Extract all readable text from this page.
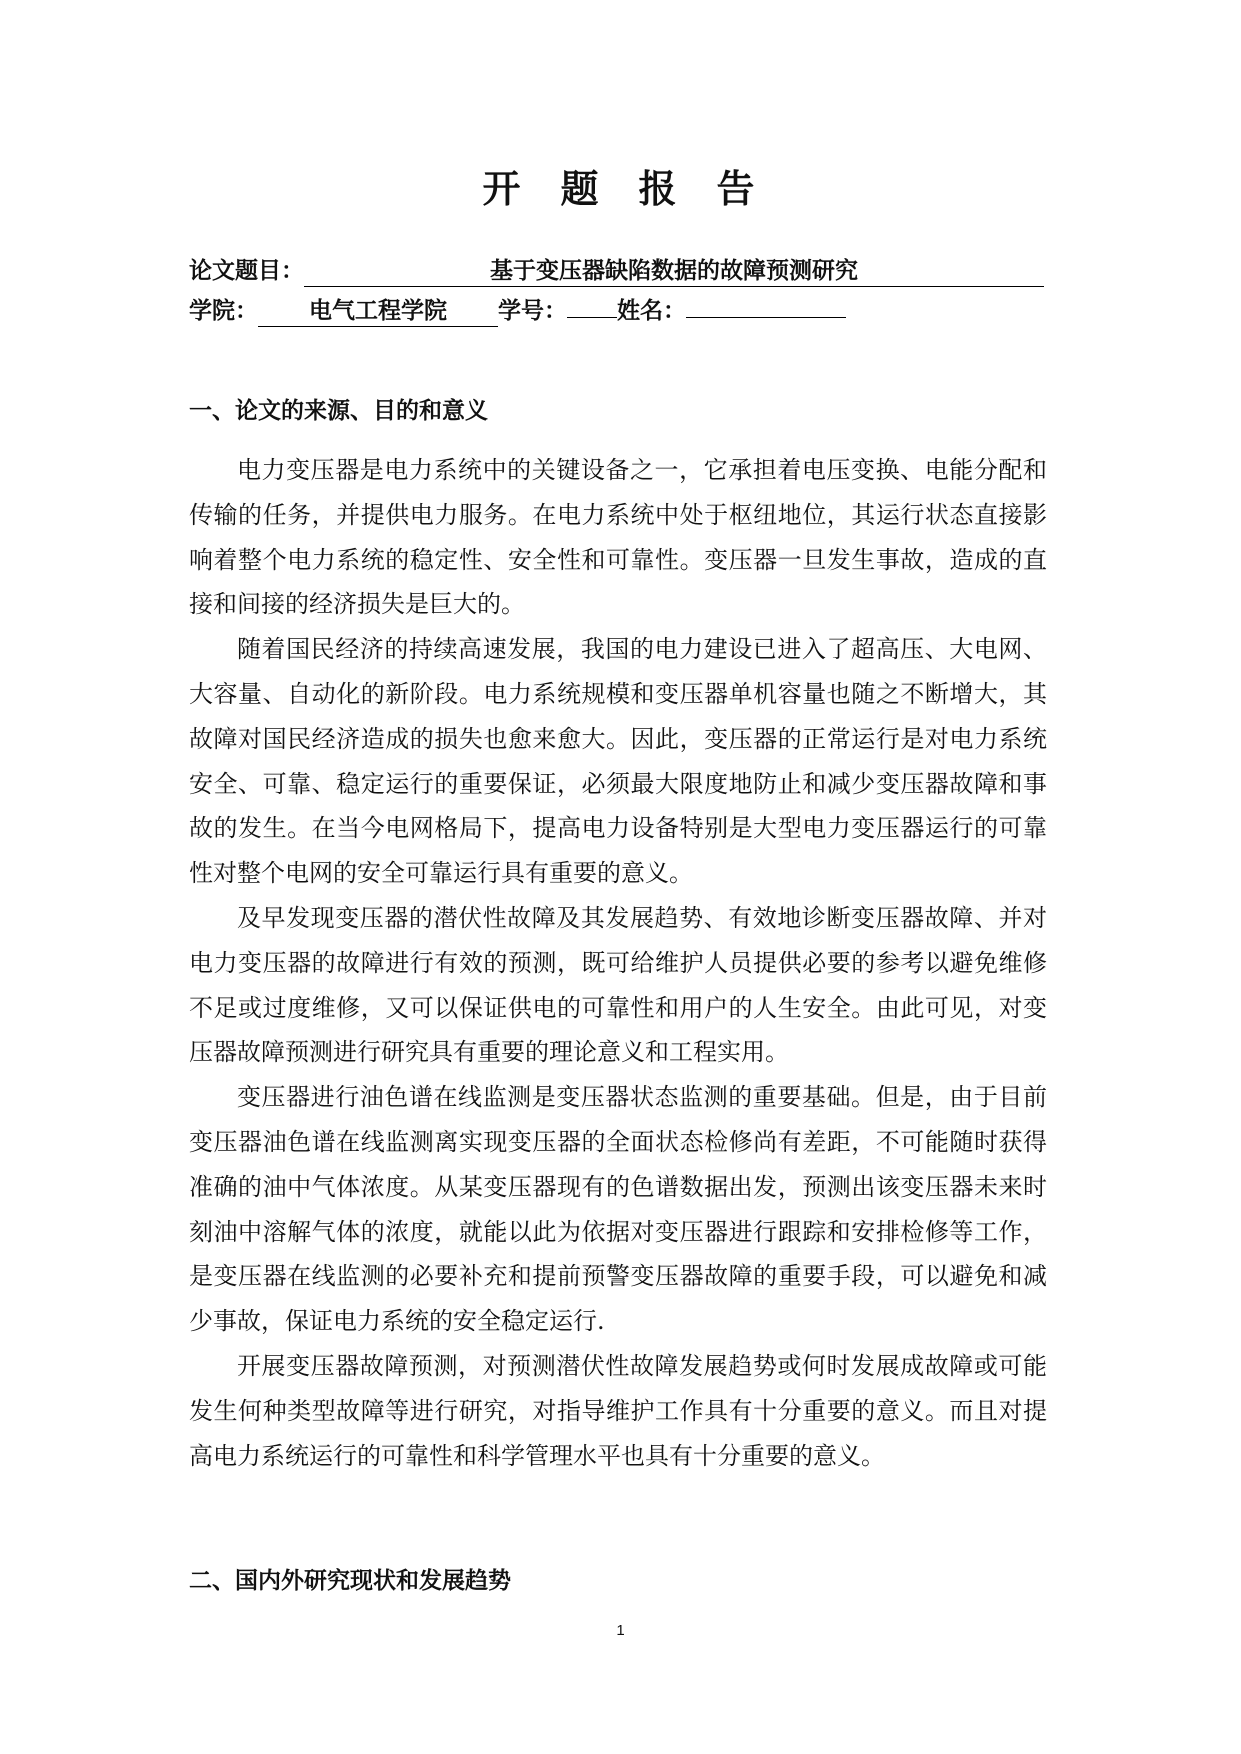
开 题 报 告
论文题目：	基于变压器缺陷数据的故障预测研究
学院： 电气工程学院 学号： 姓名：
一、论文的来源、目的和意义

电力变压器是电力系统中的关键设备之一，它承担着电压变换、电能分配和传输的任务，并提供电力服务。在电力系统中处于枢纽地位，其运行状态直接影响着整个电力系统的稳定性、安全性和可靠性。变压器一旦发生事故，造成的直接和间接的经济损失是巨大的。

随着国民经济的持续高速发展，我国的电力建设已进入了超高压、大电网、大容量、自动化的新阶段。电力系统规模和变压器单机容量也随之不断增大，其故障对国民经济造成的损失也愈来愈大。因此，变压器的正常运行是对电力系统安全、可靠、稳定运行的重要保证，必须最大限度地防止和减少变压器故障和事故的发生。在当今电网格局下，提高电力设备特别是大型电力变压器运行的可靠性对整个电网的安全可靠运行具有重要的意义。

及早发现变压器的潜伏性故障及其发展趋势、有效地诊断变压器故障、并对电力变压器的故障进行有效的预测，既可给维护人员提供必要的参考以避免维修不足或过度维修，又可以保证供电的可靠性和用户的人生安全。由此可见，对变压器故障预测进行研究具有重要的理论意义和工程实用。

变压器进行油色谱在线监测是变压器状态监测的重要基础。但是，由于目前变压器油色谱在线监测离实现变压器的全面状态检修尚有差距，不可能随时获得准确的油中气体浓度。从某变压器现有的色谱数据出发，预测出该变压器未来时刻油中溶解气体的浓度，就能以此为依据对变压器进行跟踪和安排检修等工作，是变压器在线监测的必要补充和提前预警变压器故障的重要手段，可以避免和减少事故，保证电力系统的安全稳定运行.

开展变压器故障预测，对预测潜伏性故障发展趋势或何时发展成故障或可能发生何种类型故障等进行研究，对指导维护工作具有十分重要的意义。而且对提高电力系统运行的可靠性和科学管理水平也具有十分重要的意义。

二、国内外研究现状和发展趋势
1
